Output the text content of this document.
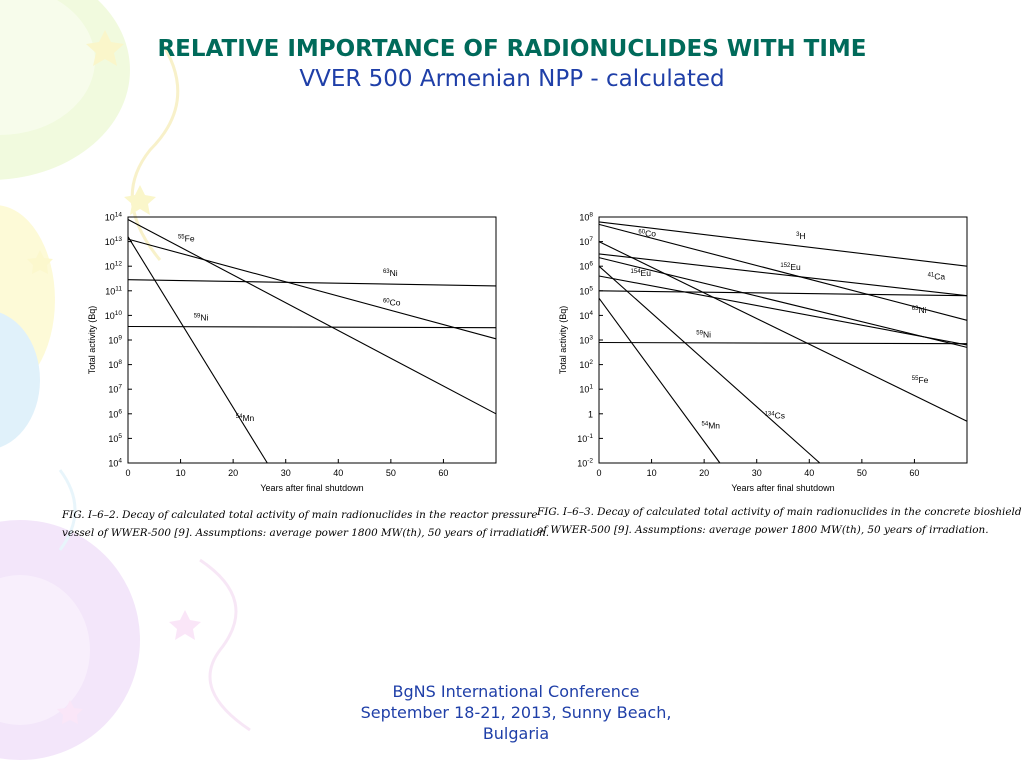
RELATIVE IMPORTANCE OF RADIONUCLIDES WITH TIME
VVER 500 Armenian NPP - calculated
0	10	20	30	40	50	60
$10^{14}$
$10^{13}$
$10^{12}$
$10^{11}$
$10^{10}$
$10^9$
$10^8$
$10^7$
$10^6$
$10^5$
$10^4$
Years after final shutdown
Total activity (Bq)
$^{55}$Fe
$^{63}$Ni
$^{60}$Co
$^{59}$Ni
$^{54}$Mn
FIG. I–6–2. Decay of calculated total activity of main radionuclides in the reactor pressure
vessel of WWER-500 [9]. Assumptions: average power 1800 MW(th), 50 years of irradiation.
0	10	20	30	40	50	60
$10^8$
$10^7$
$10^6$
$10^5$
$10^4$
$10^3$
$10^2$
$10^1$
1
$10^{-1}$
$10^{-2}$
Years after final shutdown
Total activity (Bq)
$^3$H
$^{60}$Co
$^{152}$Eu
$^{41}$Ca
$^{63}$Ni
$^{154}$Eu
$^{59}$Ni
$^{55}$Fe
$^{134}$Cs
$^{54}$Mn
FIG. I–6–3. Decay of calculated total activity of main radionuclides in the concrete bioshield
of WWER-500 [9]. Assumptions: average power 1800 MW(th), 50 years of irradiation.
BgNS International Conference
September 18-21, 2013, Sunny Beach,
Bulgaria
